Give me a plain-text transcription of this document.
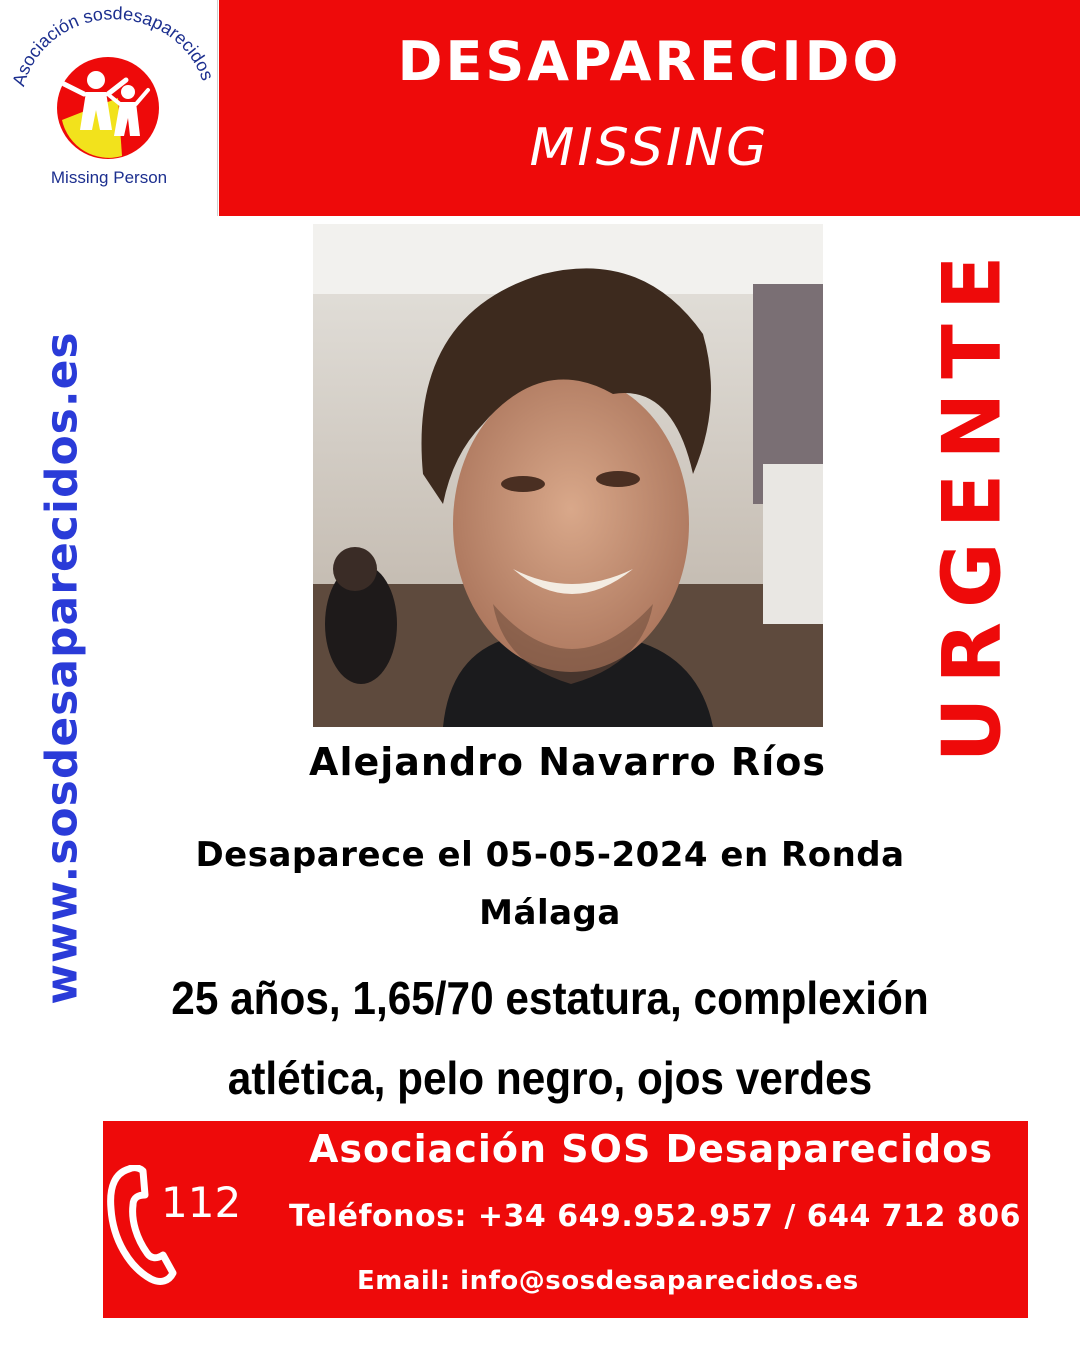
Asociación sosdesaparecidos
Missing Person
DESAPARECIDO
MISSING
www.sosdesaparecidos.es	URGENTE
Alejandro Navarro Ríos
Desaparece el 05-05-2024 en Ronda
Málaga
25 años, 1,65/70 estatura, complexión
atlética, pelo negro, ojos verdes
112
Asociación SOS Desaparecidos
Teléfonos: +34 649.952.957 / 644 712 806
Email: info@sosdesaparecidos.es
